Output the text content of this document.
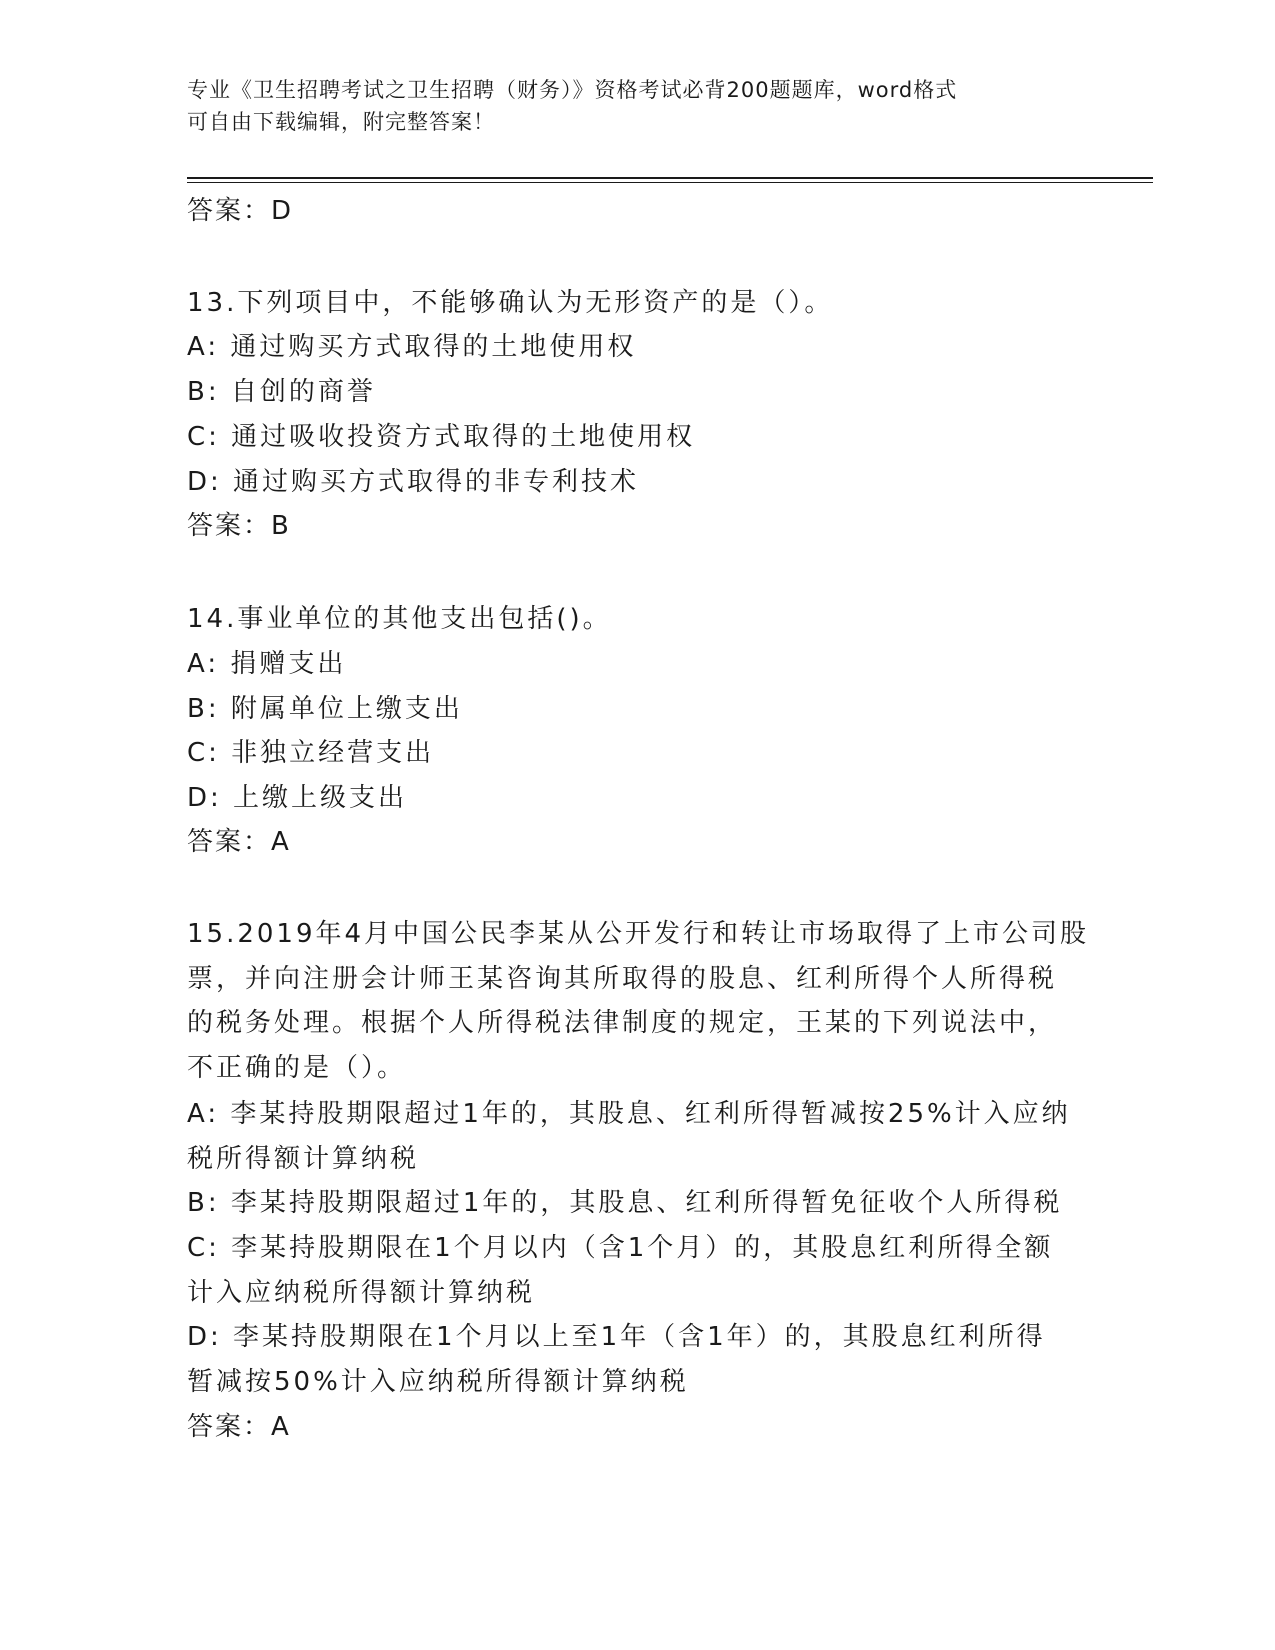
专业《卫生招聘考试之卫生招聘（财务）》资格考试必背200题题库，word格式
可自由下载编辑，附完整答案！
答案：D
13.下列项目中，不能够确认为无形资产的是（）。
A: 通过购买方式取得的土地使用权
B: 自创的商誉
C: 通过吸收投资方式取得的土地使用权
D: 通过购买方式取得的非专利技术
答案：B
14.事业单位的其他支出包括()。
A: 捐赠支出
B: 附属单位上缴支出
C: 非独立经营支出
D: 上缴上级支出
答案：A
15.2019年4月中国公民李某从公开发行和转让市场取得了上市公司股
票，并向注册会计师王某咨询其所取得的股息、红利所得个人所得税
的税务处理。根据个人所得税法律制度的规定，王某的下列说法中，
不正确的是（）。
A: 李某持股期限超过1年的，其股息、红利所得暂减按25%计入应纳
税所得额计算纳税
B: 李某持股期限超过1年的，其股息、红利所得暂免征收个人所得税
C: 李某持股期限在1个月以内（含1个月）的，其股息红利所得全额
计入应纳税所得额计算纳税
D: 李某持股期限在1个月以上至1年（含1年）的，其股息红利所得
暂减按50%计入应纳税所得额计算纳税
答案：A
